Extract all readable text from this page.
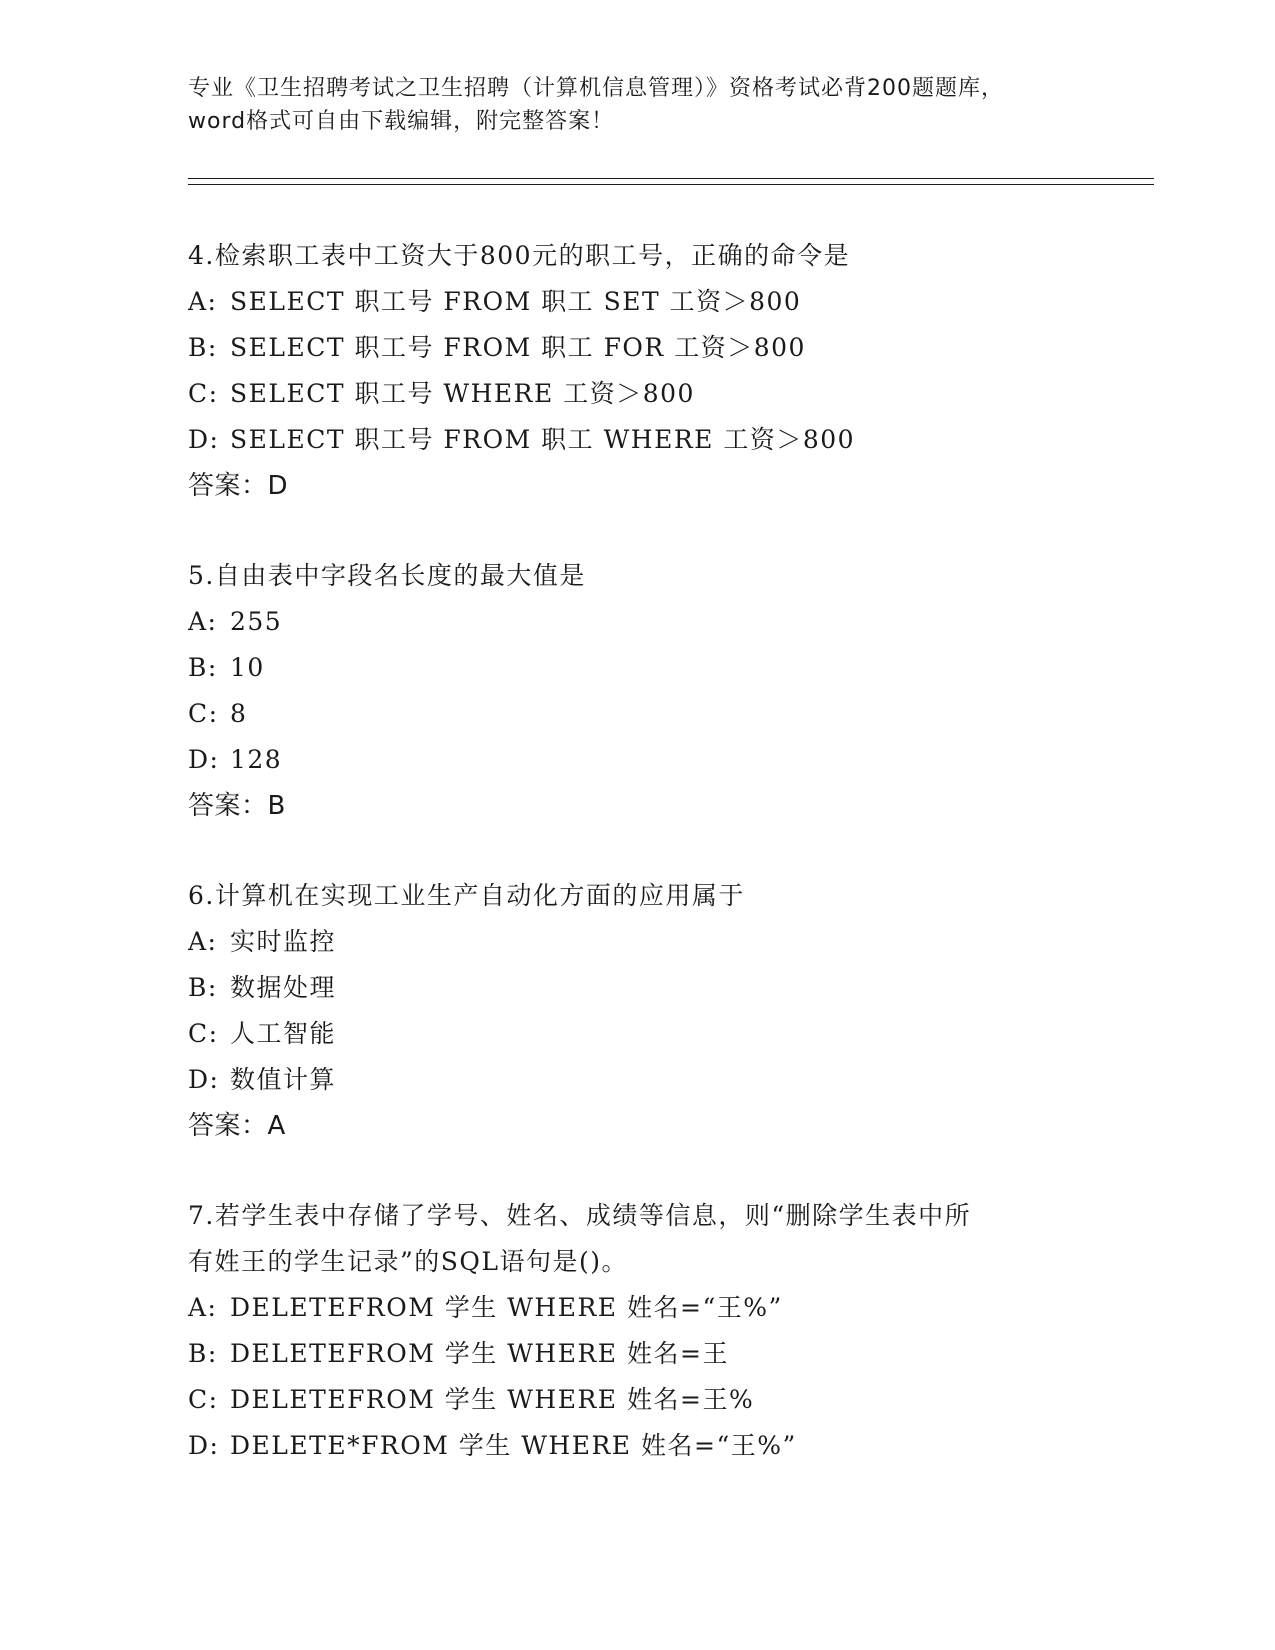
专业《卫生招聘考试之卫生招聘（计算机信息管理）》资格考试必背200题题库，
word格式可自由下载编辑，附完整答案！
4.检索职工表中工资大于800元的职工号，正确的命令是
A: SELECT 职工号 FROM 职工 SET 工资＞800
B: SELECT 职工号 FROM 职工 FOR 工资＞800
C: SELECT 职工号 WHERE 工资＞800
D: SELECT 职工号 FROM 职工 WHERE 工资＞800
答案：D
5.自由表中字段名长度的最大值是
A: 255
B: 10
C: 8
D: 128
答案：B
6.计算机在实现工业生产自动化方面的应用属于
A: 实时监控
B: 数据处理
C: 人工智能
D: 数值计算
答案：A
7.若学生表中存储了学号、姓名、成绩等信息，则“删除学生表中所
有姓王的学生记录”的SQL语句是()。
A: DELETEFROM 学生 WHERE 姓名=“王%”
B: DELETEFROM 学生 WHERE 姓名=王
C: DELETEFROM 学生 WHERE 姓名=王%
D: DELETE*FROM 学生 WHERE 姓名=“王%”
